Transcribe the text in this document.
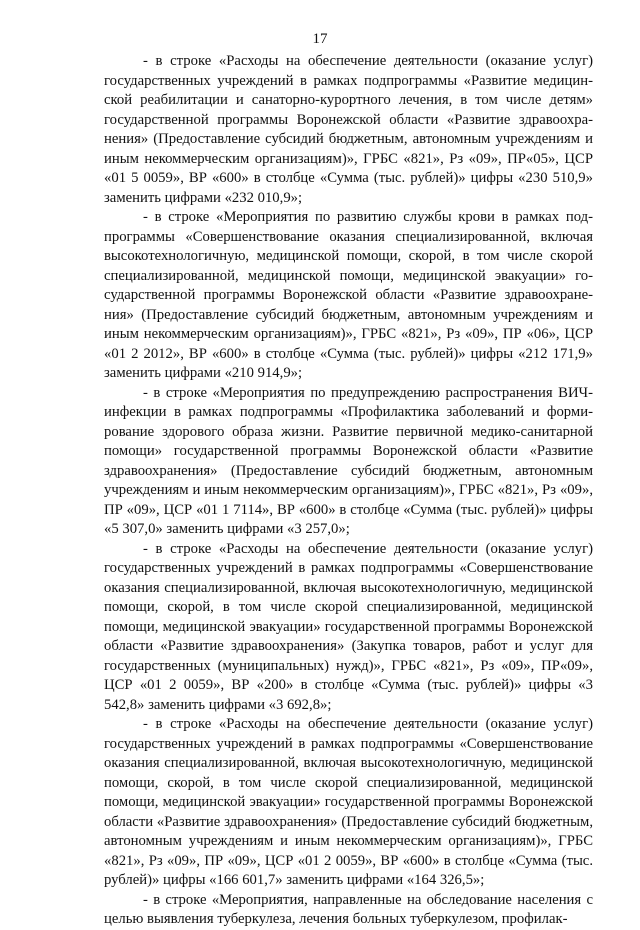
17

- в строке «Расходы на обеспечение деятельности (оказание услуг) государственных учреждений в рамках подпрограммы «Развитие медицинской реабилитации и санаторно-курортного лечения, в том числе детям» государственной программы Воронежской области «Развитие здравоохранения» (Предоставление субсидий бюджетным, автономным учреждениям и иным некоммерческим организациям)», ГРБС «821», Рз «09», ПР«05», ЦСР «01 5 0059», ВР «600» в столбце «Сумма (тыс. рублей)» цифры «230 510,9» заменить цифрами «232 010,9»;

- в строке «Мероприятия по развитию службы крови в рамках подпрограммы «Совершенствование оказания специализированной, включая высокотехнологичную, медицинской помощи, скорой, в том числе скорой специализированной, медицинской помощи, медицинской эвакуации» государственной программы Воронежской области «Развитие здравоохранения» (Предоставление субсидий бюджетным, автономным учреждениям и иным некоммерческим организациям)», ГРБС «821», Рз «09», ПР «06», ЦСР «01 2 2012», ВР «600» в столбце «Сумма (тыс. рублей)» цифры «212 171,9» заменить цифрами «210 914,9»;

- в строке «Мероприятия по предупреждению распространения ВИЧ-инфекции в рамках подпрограммы «Профилактика заболеваний и формирование здорового образа жизни. Развитие первичной медико-санитарной помощи» государственной программы Воронежской области «Развитие здравоохранения» (Предоставление субсидий бюджетным, автономным учреждениям и иным некоммерческим организациям)», ГРБС «821», Рз «09», ПР «09», ЦСР «01 1 7114», ВР «600» в столбце «Сумма (тыс. рублей)» цифры «5 307,0» заменить цифрами «3 257,0»;

- в строке «Расходы на обеспечение деятельности (оказание услуг) государственных учреждений в рамках подпрограммы «Совершенствование оказания специализированной, включая высокотехнологичную, медицинской помощи, скорой, в том числе скорой специализированной, медицинской помощи, медицинской эвакуации» государственной программы Воронежской области «Развитие здравоохранения» (Закупка товаров, работ и услуг для государственных (муниципальных) нужд)», ГРБС «821», Рз «09», ПР«09», ЦСР «01 2 0059», ВР «200» в столбце «Сумма (тыс. рублей)» цифры «3 542,8» заменить цифрами «3 692,8»;

- в строке «Расходы на обеспечение деятельности (оказание услуг) государственных учреждений в рамках подпрограммы «Совершенствование оказания специализированной, включая высокотехнологичную, медицинской помощи, скорой, в том числе скорой специализированной, медицинской помощи, медицинской эвакуации» государственной программы Воронежской области «Развитие здравоохранения» (Предоставление субсидий бюджетным, автономным учреждениям и иным некоммерческим организациям)», ГРБС «821», Рз «09», ПР «09», ЦСР «01 2 0059», ВР «600» в столбце «Сумма (тыс. рублей)» цифры «166 601,7» заменить цифрами «164 326,5»;

- в строке «Мероприятия, направленные на обследование населения с целью выявления туберкулеза, лечения больных туберкулезом, профилак-
